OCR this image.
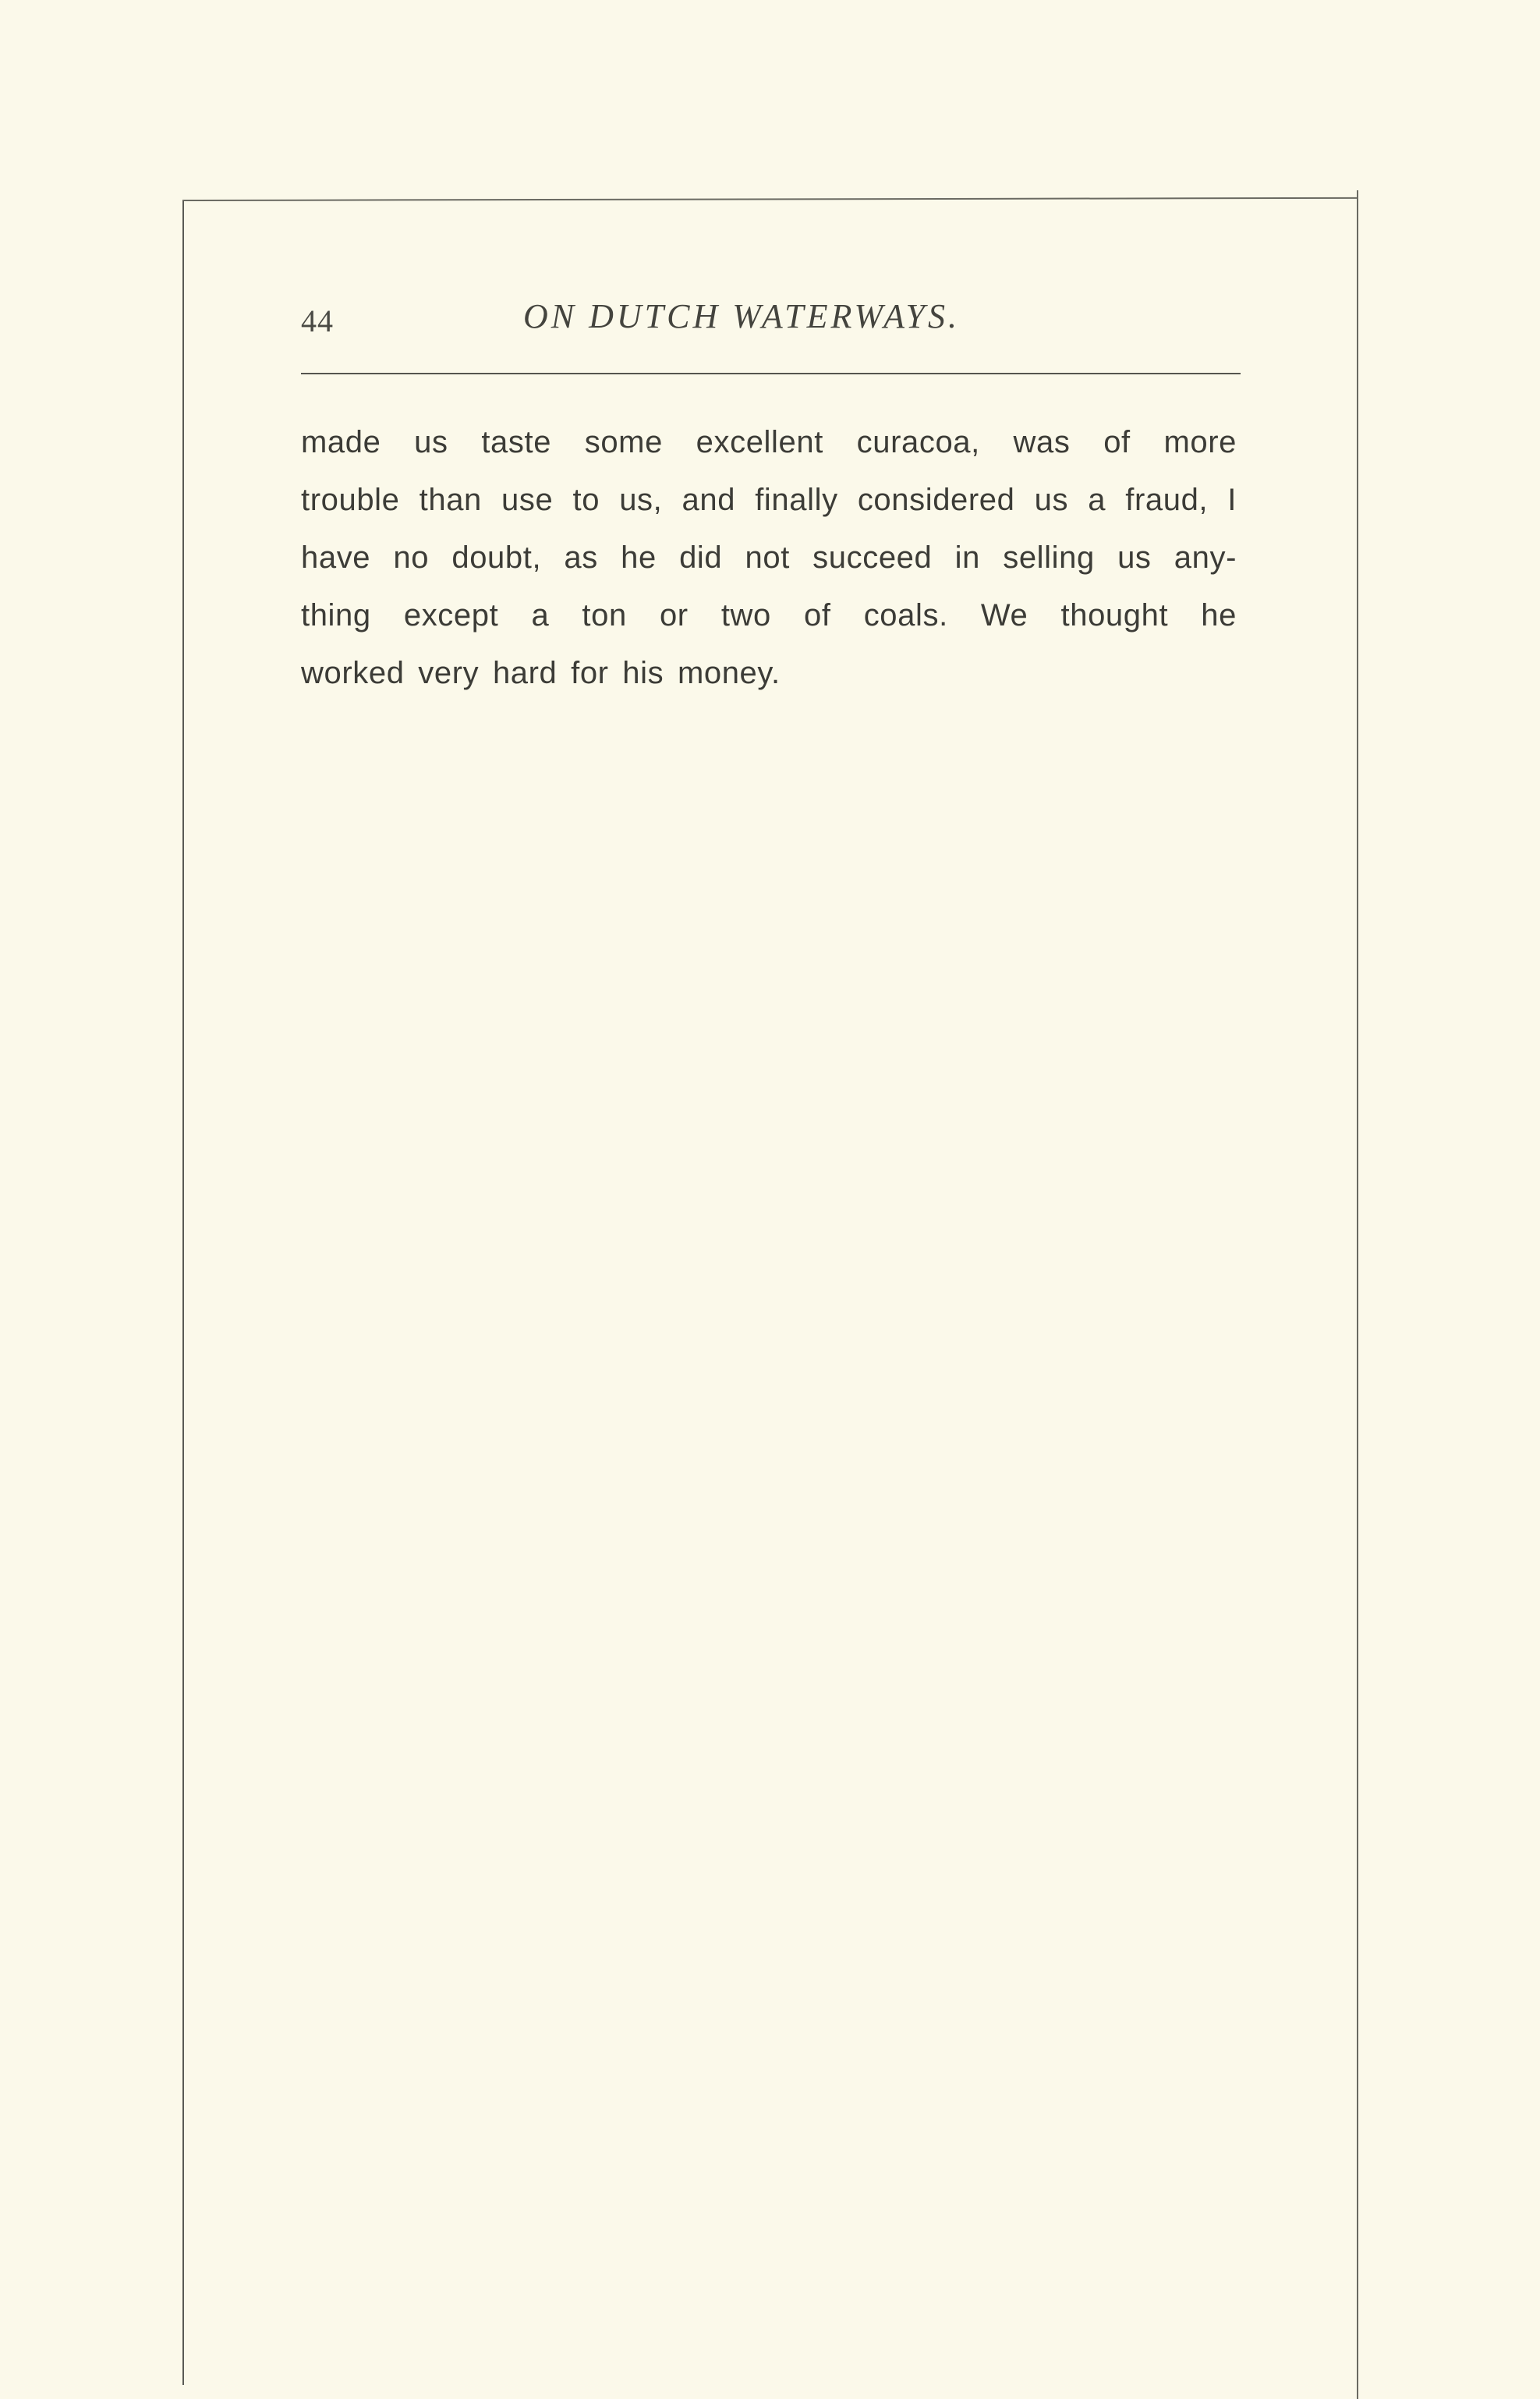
44	ON DUTCH WATERWAYS.
made us taste some excellent curacoa, was of more
trouble than use to us, and finally considered us a fraud, I
have no doubt, as he did not succeed in selling us any-
thing except a ton or two of coals. We thought he
worked very hard for his money.
